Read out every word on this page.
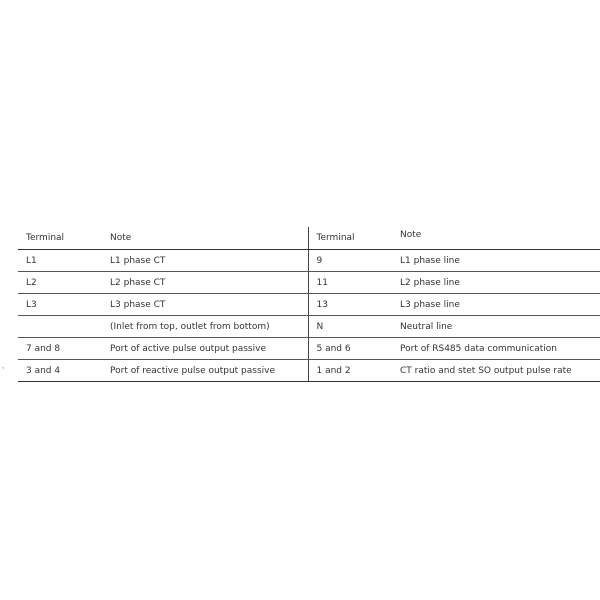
、
Terminal	Note	Terminal	Note
L1	L1 phase CT	9	L1 phase line
L2	L2 phase CT	11	L2 phase line
L3	L3 phase CT	13	L3 phase line
	(Inlet from top, outlet from bottom)	N	Neutral line
7 and 8	Port of active pulse output passive	5 and 6	Port of RS485 data communication
3 and 4	Port of reactive pulse output passive	1 and 2	CT ratio and stet SO output pulse rate
